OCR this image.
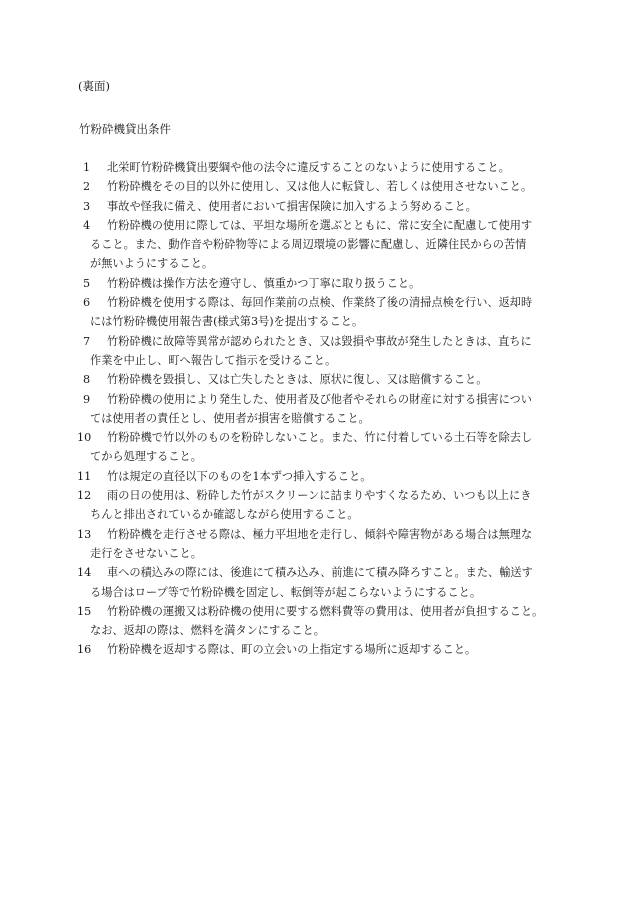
(裏面)
竹粉砕機貸出条件
1 北栄町竹粉砕機貸出要綱や他の法令に違反することのないように使用すること。
2 竹粉砕機をその目的以外に使用し、又は他人に転貸し、若しくは使用させないこと。
3 事故や怪我に備え、使用者において損害保険に加入するよう努めること。
4 竹粉砕機の使用に際しては、平坦な場所を選ぶとともに、常に安全に配慮して使用す
ること。また、動作音や粉砕物等による周辺環境の影響に配慮し、近隣住民からの苦情
が無いようにすること。
5 竹粉砕機は操作方法を遵守し、慎重かつ丁寧に取り扱うこと。
6 竹粉砕機を使用する際は、毎回作業前の点検、作業終了後の清掃点検を行い、返却時
には竹粉砕機使用報告書(様式第3号)を提出すること。
7 竹粉砕機に故障等異常が認められたとき、又は毀損や事故が発生したときは、直ちに
作業を中止し、町へ報告して指示を受けること。
8 竹粉砕機を毀損し、又は亡失したときは、原状に復し、又は賠償すること。
9 竹粉砕機の使用により発生した、使用者及び他者やそれらの財産に対する損害につい
ては使用者の責任とし、使用者が損害を賠償すること。
10 竹粉砕機で竹以外のものを粉砕しないこと。また、竹に付着している土石等を除去し
てから処理すること。
11 竹は規定の直径以下のものを1本ずつ挿入すること。
12 雨の日の使用は、粉砕した竹がスクリーンに詰まりやすくなるため、いつも以上にき
ちんと排出されているか確認しながら使用すること。
13 竹粉砕機を走行させる際は、極力平坦地を走行し、傾斜や障害物がある場合は無理な
走行をさせないこと。
14 車への積込みの際には、後進にて積み込み、前進にて積み降ろすこと。また、輸送す
る場合はロープ等で竹粉砕機を固定し、転倒等が起こらないようにすること。
15 竹粉砕機の運搬又は粉砕機の使用に要する燃料費等の費用は、使用者が負担すること。
なお、返却の際は、燃料を満タンにすること。
16 竹粉砕機を返却する際は、町の立会いの上指定する場所に返却すること。
